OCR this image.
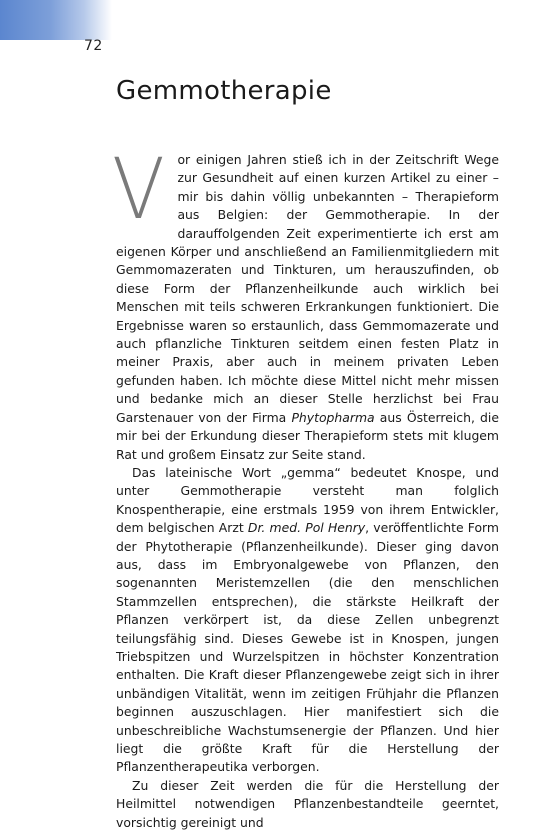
72
Gemmotherapie

V or einigen Jahren stieß ich in der Zeitschrift Wege zur Gesundheit auf einen kurzen Artikel zu einer – mir bis dahin völlig unbekannten – Therapieform aus Belgien: der Gemmotherapie. In der darauffolgenden Zeit experimentierte ich erst am eigenen Körper und anschließend an Familienmitgliedern mit Gemmomazeraten und Tinkturen, um herauszufinden, ob diese Form der Pflanzenheilkunde auch wirklich bei Menschen mit teils schweren Erkrankungen funktioniert. Die Ergebnisse waren so erstaunlich, dass Gemmomazerate und auch pflanzliche Tinkturen seitdem einen festen Platz in meiner Praxis, aber auch in meinem privaten Leben gefunden haben. Ich möchte diese Mittel nicht mehr missen und bedanke mich an dieser Stelle herzlichst bei Frau Garstenauer von der Firma Phytopharma aus Österreich, die mir bei der Erkundung dieser Therapieform stets mit klugem Rat und großem Einsatz zur Seite stand.

Das lateinische Wort „gemma“ bedeutet Knospe, und unter Gemmotherapie versteht man folglich Knospentherapie, eine erstmals 1959 von ihrem Entwickler, dem belgischen Arzt Dr. med. Pol Henry, veröffentlichte Form der Phytotherapie (Pflanzenheilkunde). Dieser ging davon aus, dass im Embryonalgewebe von Pflanzen, den sogenannten Meristemzellen (die den menschlichen Stammzellen entsprechen), die stärkste Heilkraft der Pflanzen verkörpert ist, da diese Zellen unbegrenzt teilungsfähig sind. Dieses Gewebe ist in Knospen, jungen Triebspitzen und Wurzelspitzen in höchster Konzentration enthalten. Die Kraft dieser Pflanzengewebe zeigt sich in ihrer unbändigen Vitalität, wenn im zeitigen Frühjahr die Pflanzen beginnen auszuschlagen. Hier manifestiert sich die unbeschreibliche Wachstumsenergie der Pflanzen. Und hier liegt die größte Kraft für die Herstellung der Pflanzentherapeutika verborgen.

Zu dieser Zeit werden die für die Herstellung der Heilmittel notwendigen Pflanzenbestandteile geerntet, vorsichtig gereinigt und
